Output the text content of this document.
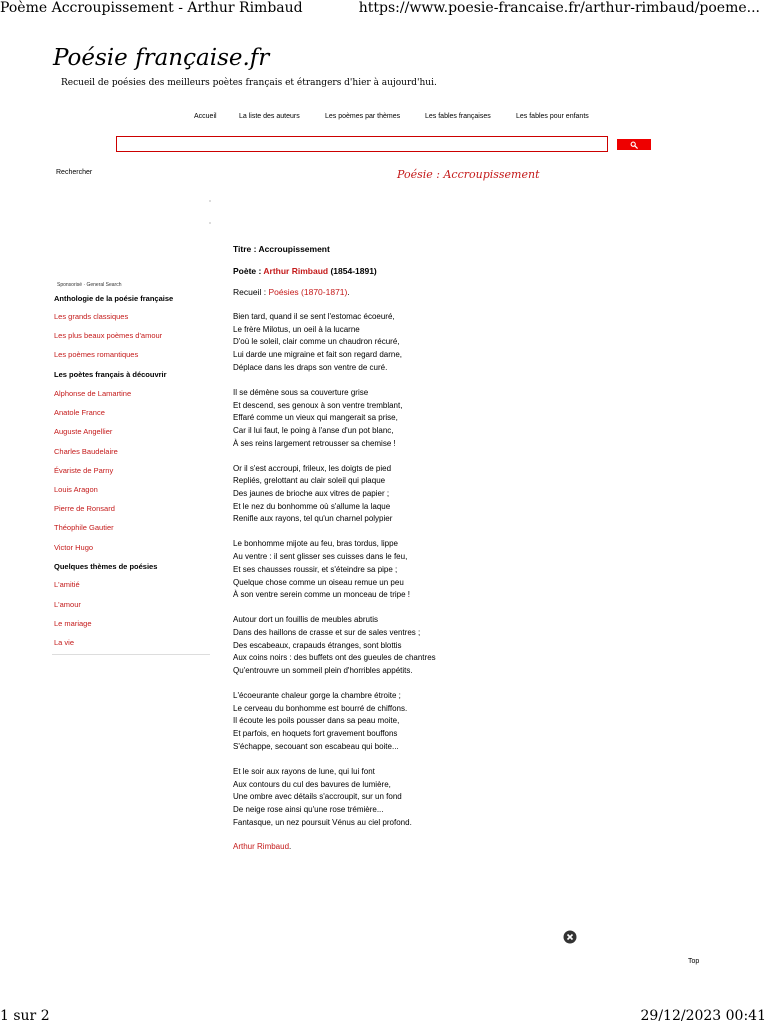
Poème Accroupissement - Arthur Rimbaud	https://www.poesie-francaise.fr/arthur-rimbaud/poeme...
Poésie française.fr
Recueil de poésies des meilleurs poètes français et étrangers d'hier à aujourd'hui.
Accueil	La liste des auteurs	Les poèmes par thèmes	Les fables françaises	Les fables pour enfants
Rechercher	Poésie : Accroupissement
Sponsorisé · General Search
Anthologie de la poésie française
Les grands classiques
Les plus beaux poèmes d'amour
Les poèmes romantiques
Les poètes français à découvrir
Alphonse de Lamartine
Anatole France
Auguste Angellier
Charles Baudelaire
Évariste de Parny
Louis Aragon
Pierre de Ronsard
Théophile Gautier
Victor Hugo
Quelques thèmes de poésies
L'amitié
L'amour
Le mariage
La vie
Titre : Accroupissement
Poète : Arthur Rimbaud (1854-1891)
Recueil : Poésies (1870-1871).
Bien tard, quand il se sent l'estomac écoeuré,
Le frère Milotus, un oeil à la lucarne
D'où le soleil, clair comme un chaudron récuré,
Lui darde une migraine et fait son regard darne,
Déplace dans les draps son ventre de curé.
Il se démène sous sa couverture grise
Et descend, ses genoux à son ventre tremblant,
Effaré comme un vieux qui mangerait sa prise,
Car il lui faut, le poing à l'anse d'un pot blanc,
À ses reins largement retrousser sa chemise !
Or il s'est accroupi, frileux, les doigts de pied
Repliés, grelottant au clair soleil qui plaque
Des jaunes de brioche aux vitres de papier ;
Et le nez du bonhomme où s'allume la laque
Renifle aux rayons, tel qu'un charnel polypier
Le bonhomme mijote au feu, bras tordus, lippe
Au ventre : il sent glisser ses cuisses dans le feu,
Et ses chausses roussir, et s'éteindre sa pipe ;
Quelque chose comme un oiseau remue un peu
À son ventre serein comme un monceau de tripe !
Autour dort un fouillis de meubles abrutis
Dans des haillons de crasse et sur de sales ventres ;
Des escabeaux, crapauds étranges, sont blottis
Aux coins noirs : des buffets ont des gueules de chantres
Qu'entrouvre un sommeil plein d'horribles appétits.
L'écoeurante chaleur gorge la chambre étroite ;
Le cerveau du bonhomme est bourré de chiffons.
Il écoute les poils pousser dans sa peau moite,
Et parfois, en hoquets fort gravement bouffons
S'échappe, secouant son escabeau qui boite...
Et le soir aux rayons de lune, qui lui font
Aux contours du cul des bavures de lumière,
Une ombre avec détails s'accroupit, sur un fond
De neige rose ainsi qu'une rose trémière...
Fantasque, un nez poursuit Vénus au ciel profond.
Arthur Rimbaud.
Top
1 sur 2	29/12/2023 00:41
